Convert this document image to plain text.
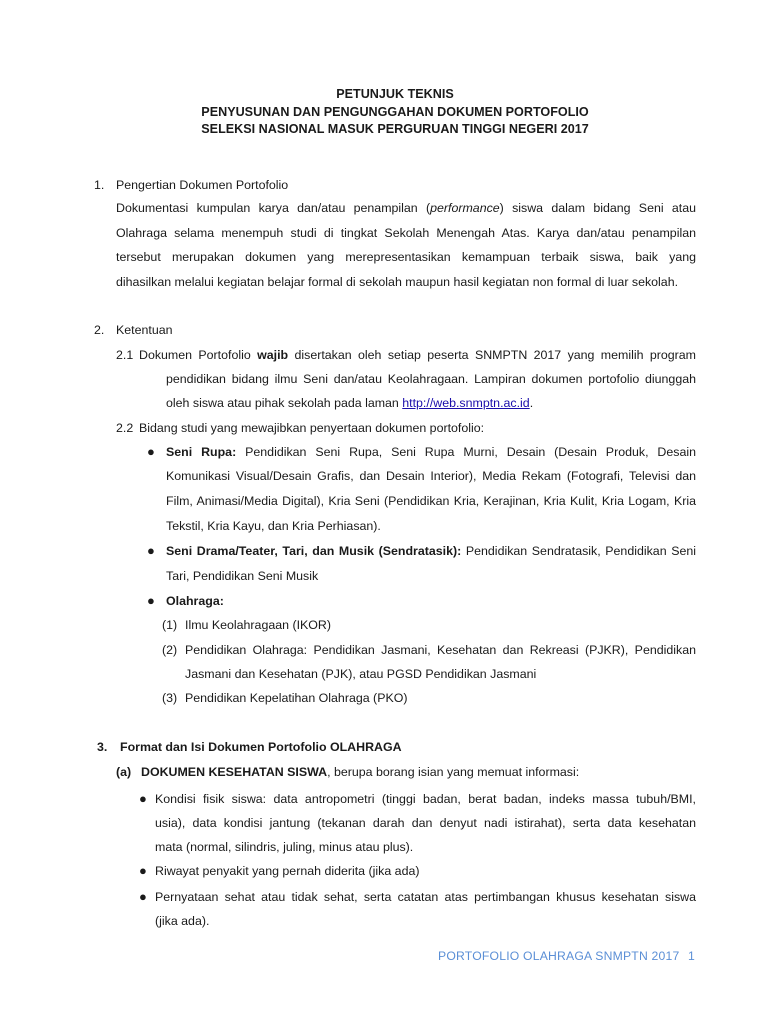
PETUNJUK TEKNIS
PENYUSUNAN DAN PENGUNGGAHAN DOKUMEN PORTOFOLIO
SELEKSI NASIONAL MASUK PERGURUAN TINGGI NEGERI 2017
1. Pengertian Dokumen Portofolio
Dokumentasi kumpulan karya dan/atau penampilan (performance) siswa dalam bidang Seni atau
Olahraga selama menempuh studi di tingkat Sekolah Menengah Atas. Karya dan/atau penampilan
tersebut merupakan dokumen yang merepresentasikan kemampuan terbaik siswa, baik yang
dihasilkan melalui kegiatan belajar formal di sekolah maupun hasil kegiatan non formal di luar sekolah.
2. Ketentuan
2.1 Dokumen Portofolio wajib disertakan oleh setiap peserta SNMPTN 2017 yang memilih program
pendidikan bidang ilmu Seni dan/atau Keolahragaan. Lampiran dokumen portofolio diunggah
oleh siswa atau pihak sekolah pada laman http://web.snmptn.ac.id.
2.2 Bidang studi yang mewajibkan penyertaan dokumen portofolio:
● Seni Rupa: Pendidikan Seni Rupa, Seni Rupa Murni, Desain (Desain Produk, Desain
Komunikasi Visual/Desain Grafis, dan Desain Interior), Media Rekam (Fotografi, Televisi dan
Film, Animasi/Media Digital), Kria Seni (Pendidikan Kria, Kerajinan, Kria Kulit, Kria Logam, Kria
Tekstil, Kria Kayu, dan Kria Perhiasan).
● Seni Drama/Teater, Tari, dan Musik (Sendratasik): Pendidikan Sendratasik, Pendidikan Seni
Tari, Pendidikan Seni Musik
● Olahraga:
(1) Ilmu Keolahragaan (IKOR)
(2) Pendidikan Olahraga: Pendidikan Jasmani, Kesehatan dan Rekreasi (PJKR), Pendidikan
Jasmani dan Kesehatan (PJK), atau PGSD Pendidikan Jasmani
(3) Pendidikan Kepelatihan Olahraga (PKO)
3. Format dan Isi Dokumen Portofolio OLAHRAGA
(a) DOKUMEN KESEHATAN SISWA, berupa borang isian yang memuat informasi:
● Kondisi fisik siswa: data antropometri (tinggi badan, berat badan, indeks massa tubuh/BMI,
usia), data kondisi jantung (tekanan darah dan denyut nadi istirahat), serta data kesehatan
mata (normal, silindris, juling, minus atau plus).
● Riwayat penyakit yang pernah diderita (jika ada)
● Pernyataan sehat atau tidak sehat, serta catatan atas pertimbangan khusus kesehatan siswa
(jika ada).
PORTOFOLIO OLAHRAGA SNMPTN 2017 1
